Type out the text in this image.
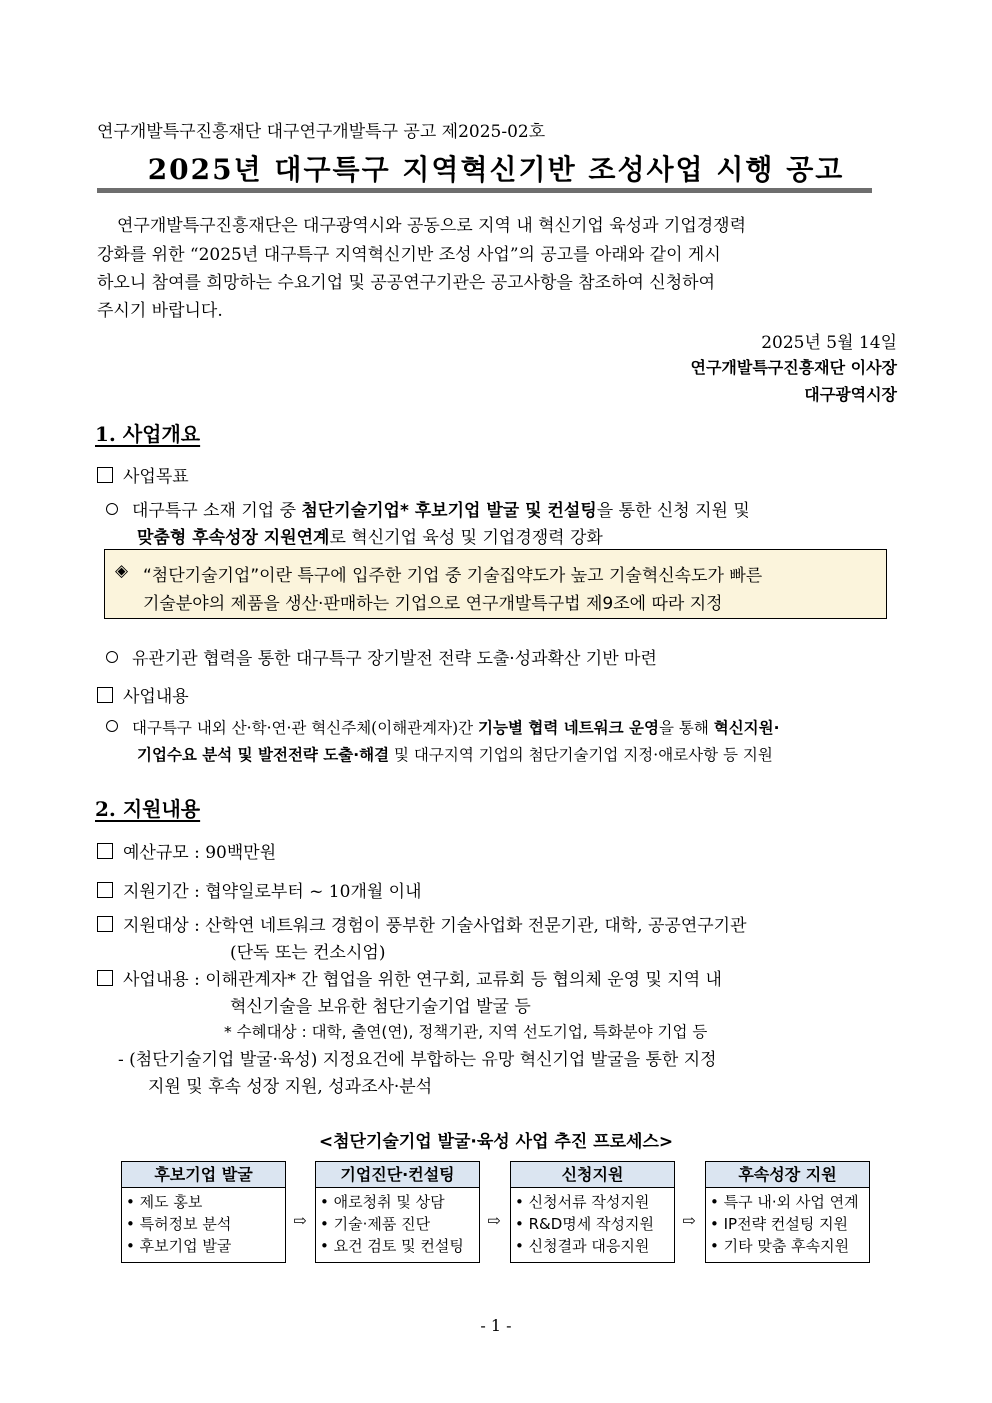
연구개발특구진흥재단 대구연구개발특구 공고 제2025-02호
2025년 대구특구 지역혁신기반 조성사업 시행 공고
연구개발특구진흥재단은 대구광역시와 공동으로 지역 내 혁신기업 육성과 기업경쟁력
강화를 위한 “2025년 대구특구 지역혁신기반 조성 사업”의 공고를 아래와 같이 게시
하오니 참여를 희망하는 수요기업 및 공공연구기관은 공고사항을 참조하여 신청하여
주시기 바랍니다.
2025년 5월 14일
연구개발특구진흥재단 이사장
대구광역시장
1. 사업개요
사업목표
대구특구 소재 기업 중 첨단기술기업* 후보기업 발굴 및 컨설팅을 통한 신청 지원 및
맞춤형 후속성장 지원연계로 혁신기업 육성 및 기업경쟁력 강화
◈ “첨단기술기업”이란 특구에 입주한 기업 중 기술집약도가 높고 기술혁신속도가 빠른
기술분야의 제품을 생산·판매하는 기업으로 연구개발특구법 제9조에 따라 지정
유관기관 협력을 통한 대구특구 장기발전 전략 도출·성과확산 기반 마련
사업내용
대구특구 내외 산·학·연·관 혁신주체(이해관계자)간 기능별 협력 네트워크 운영을 통해 혁신지원·
기업수요 분석 및 발전전략 도출·해결 및 대구지역 기업의 첨단기술기업 지정·애로사항 등 지원
2. 지원내용
예산규모 : 90백만원
지원기간 : 협약일로부터 ~ 10개월 이내
지원대상 : 산학연 네트워크 경험이 풍부한 기술사업화 전문기관, 대학, 공공연구기관
(단독 또는 컨소시엄)
사업내용 : 이해관계자* 간 협업을 위한 연구회, 교류회 등 협의체 운영 및 지역 내
혁신기술을 보유한 첨단기술기업 발굴 등
* 수혜대상 : 대학, 출연(연), 정책기관, 지역 선도기업, 특화분야 기업 등
- (첨단기술기업 발굴·육성) 지정요건에 부합하는 유망 혁신기업 발굴을 통한 지정
지원 및 후속 성장 지원, 성과조사·분석
<첨단기술기업 발굴·육성 사업 추진 프로세스>
후보기업 발굴
• 제도 홍보
• 특허정보 분석
• 후보기업 발굴
⇨
기업진단·컨설팅
• 애로청취 및 상담
• 기술·제품 진단
• 요건 검토 및 컨설팅
⇨
신청지원
• 신청서류 작성지원
• R&D명세 작성지원
• 신청결과 대응지원
⇨
후속성장 지원
• 특구 내·외 사업 연계
• IP전략 컨설팅 지원
• 기타 맞춤 후속지원
- 1 -
